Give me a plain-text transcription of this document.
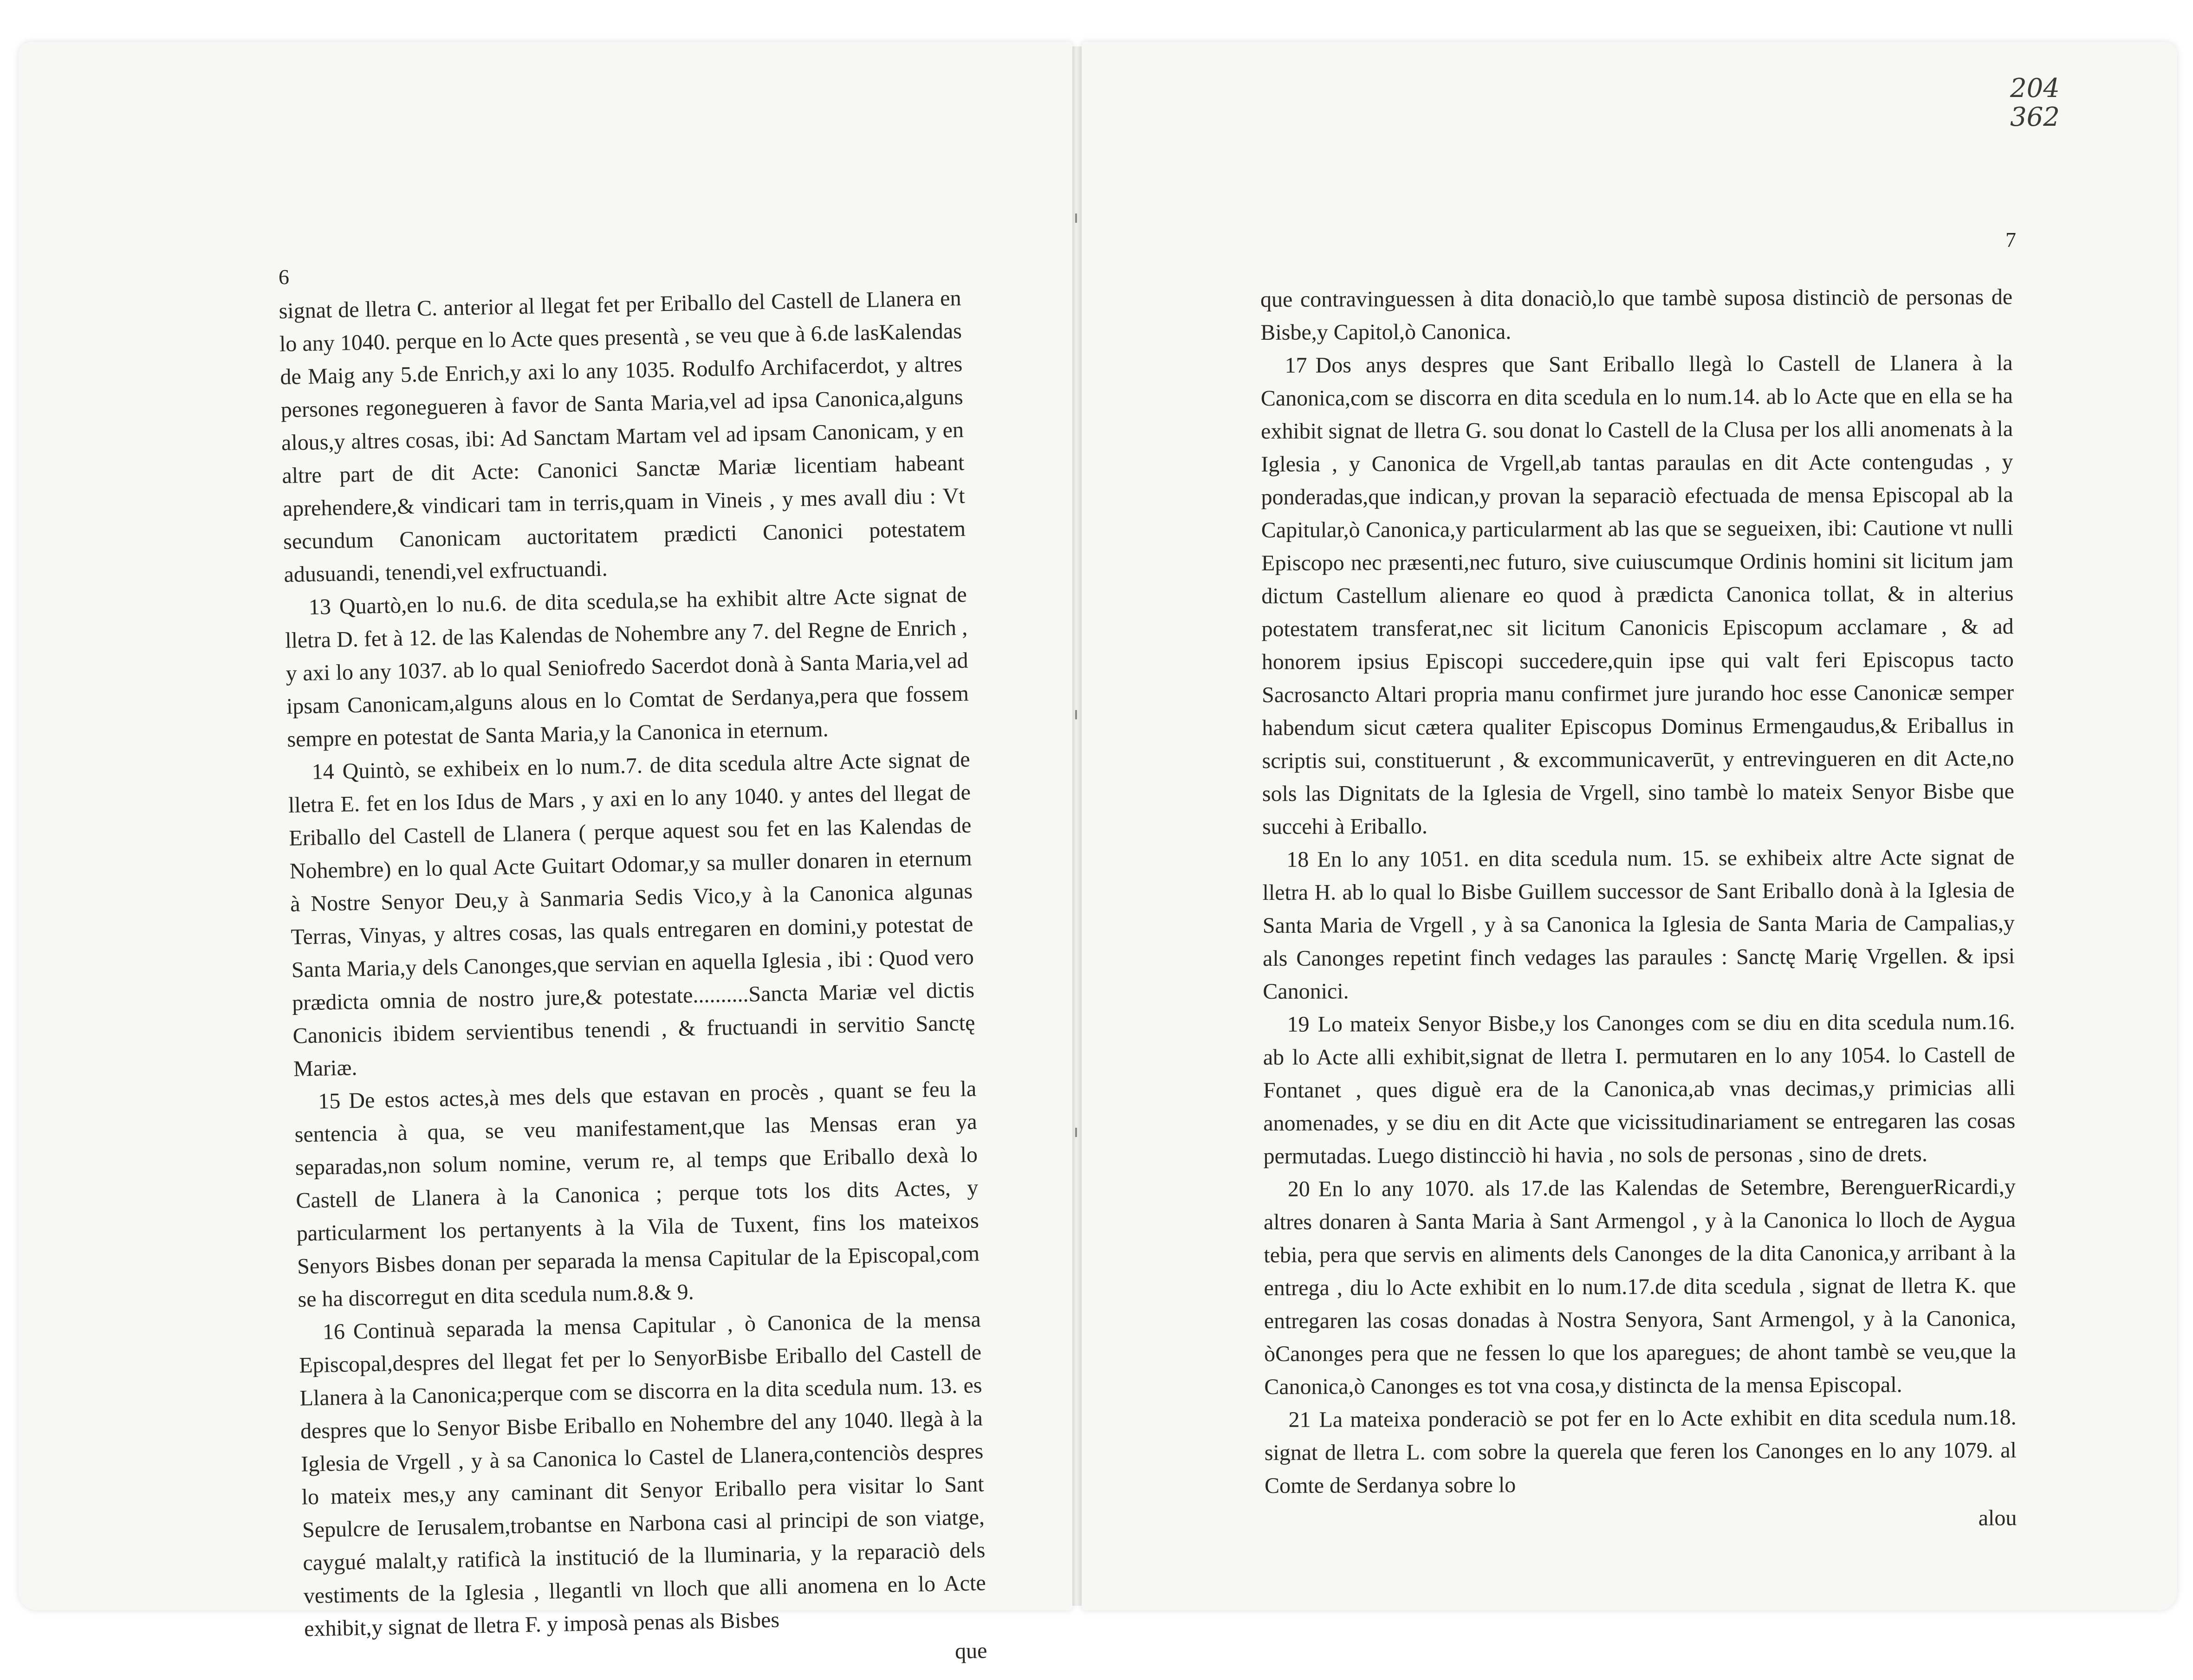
6

signat de lletra C. anterior al llegat fet per Eriballo del Castell de Llanera en lo any 1040. perque en lo Acte ques presentà , se veu que à 6.de lasKalendas de Maig any 5.de Enrich,y axi lo any 1035. Rodulfo Archifacerdot, y altres persones regonegueren à favor de Santa Maria,vel ad ipsa Canonica,alguns alous,y altres cosas, ibi: Ad Sanctam Martam vel ad ipsam Canonicam, y en altre part de dit Acte: Canonici Sanctæ Mariæ licentiam habeant aprehendere,& vindicari tam in terris,quam in Vineis , y mes avall diu : Vt secundum Canonicam auctoritatem prædicti Canonici potestatem adusuandi, tenendi,vel exfructuandi.

13 Quartò,en lo nu.6. de dita scedula,se ha exhibit altre Acte signat de lletra D. fet à 12. de las Kalendas de Nohembre any 7. del Regne de Enrich , y axi lo any 1037. ab lo qual Seniofredo Sacerdot donà à Santa Maria,vel ad ipsam Canonicam,alguns alous en lo Comtat de Serdanya,pera que fossem sempre en potestat de Santa Maria,y la Canonica in eternum.

14 Quintò, se exhibeix en lo num.7. de dita scedula altre Acte signat de lletra E. fet en los Idus de Mars , y axi en lo any 1040. y antes del llegat de Eriballo del Castell de Llanera ( perque aquest sou fet en las Kalendas de Nohembre) en lo qual Acte Guitart Odomar,y sa muller donaren in eternum à Nostre Senyor Deu,y à Sanmaria Sedis Vico,y à la Canonica algunas Terras, Vinyas, y altres cosas, las quals entregaren en domini,y potestat de Santa Maria,y dels Canonges,que servian en aquella Iglesia , ibi : Quod vero prædicta omnia de nostro jure,& potestate..........Sancta Mariæ vel dictis Canonicis ibidem servientibus tenendi , & fructuandi in servitio Sanctę Mariæ.

15 De estos actes,à mes dels que estavan en procès , quant se feu la sentencia à qua, se veu manifestament,que las Mensas eran ya separadas,non solum nomine, verum re, al temps que Eriballo dexà lo Castell de Llanera à la Canonica ; perque tots los dits Actes, y particularment los pertanyents à la Vila de Tuxent, fins los mateixos Senyors Bisbes donan per separada la mensa Capitular de la Episcopal,com se ha discorregut en dita scedula num.8.& 9.

16 Continuà separada la mensa Capitular , ò Canonica de la mensa Episcopal,despres del llegat fet per lo SenyorBisbe Eriballo del Castell de Llanera à la Canonica;perque com se discorra en la dita scedula num. 13. es despres que lo Senyor Bisbe Eriballo en Nohembre del any 1040. llegà à la Iglesia de Vrgell , y à sa Canonica lo Castel de Llanera,contenciòs despres lo mateix mes,y any caminant dit Senyor Eriballo pera visitar lo Sant Sepulcre de Ierusalem,trobantse en Narbona casi al principi de son viatge, caygué malalt,y ratificà la institució de la lluminaria, y la reparaciò dels vestiments de la Iglesia , llegantli vn lloch que alli anomena en lo Acte exhibit,y signat de lletra F. y imposà penas als Bisbes

que

7
204
362

que contravinguessen à dita donaciò,lo que tambè suposa distinciò de personas de Bisbe,y Capitol,ò Canonica.

17 Dos anys despres que Sant Eriballo llegà lo Castell de Llanera à la Canonica,com se discorra en dita scedula en lo num.14. ab lo Acte que en ella se ha exhibit signat de lletra G. sou donat lo Castell de la Clusa per los alli anomenats à la Iglesia , y Canonica de Vrgell,ab tantas paraulas en dit Acte contengudas , y ponderadas,que indican,y provan la separaciò efectuada de mensa Episcopal ab la Capitular,ò Canonica,y particularment ab las que se segueixen, ibi: Cautione vt nulli Episcopo nec præsenti,nec futuro, sive cuiuscumque Ordinis homini sit licitum jam dictum Castellum alienare eo quod à prædicta Canonica tollat, & in alterius potestatem transferat,nec sit licitum Canonicis Episcopum acclamare , & ad honorem ipsius Episcopi succedere,quin ipse qui valt feri Episcopus tacto Sacrosancto Altari propria manu confirmet jure jurando hoc esse Canonicæ semper habendum sicut cætera qualiter Episcopus Dominus Ermengaudus,& Eriballus in scriptis sui, constituerunt , & excommunicaverūt, y entrevingueren en dit Acte,no sols las Dignitats de la Iglesia de Vrgell, sino tambè lo mateix Senyor Bisbe que succehi à Eriballo.

18 En lo any 1051. en dita scedula num. 15. se exhibeix altre Acte signat de lletra H. ab lo qual lo Bisbe Guillem successor de Sant Eriballo donà à la Iglesia de Santa Maria de Vrgell , y à sa Canonica la Iglesia de Santa Maria de Campalias,y als Canonges repetint finch vedages las paraules : Sanctę Marię Vrgellen. & ipsi Canonici.

19 Lo mateix Senyor Bisbe,y los Canonges com se diu en dita scedula num.16. ab lo Acte alli exhibit,signat de lletra I. permutaren en lo any 1054. lo Castell de Fontanet , ques diguè era de la Canonica,ab vnas decimas,y primicias alli anomenades, y se diu en dit Acte que vicissitudinariament se entregaren las cosas permutadas. Luego distincciò hi havia , no sols de personas , sino de drets.

20 En lo any 1070. als 17.de las Kalendas de Setembre, BerenguerRicardi,y altres donaren à Santa Maria à Sant Armengol , y à la Canonica lo lloch de Aygua tebia, pera que servis en aliments dels Canonges de la dita Canonica,y arribant à la entrega , diu lo Acte exhibit en lo num.17.de dita scedula , signat de lletra K. que entregaren las cosas donadas à Nostra Senyora, Sant Armengol, y à la Canonica, òCanonges pera que ne fessen lo que los aparegues; de ahont tambè se veu,que la Canonica,ò Canonges es tot vna cosa,y distincta de la mensa Episcopal.

21 La mateixa ponderaciò se pot fer en lo Acte exhibit en dita scedula num.18. signat de lletra L. com sobre la querela que feren los Canonges en lo any 1079. al Comte de Serdanya sobre lo

alou
